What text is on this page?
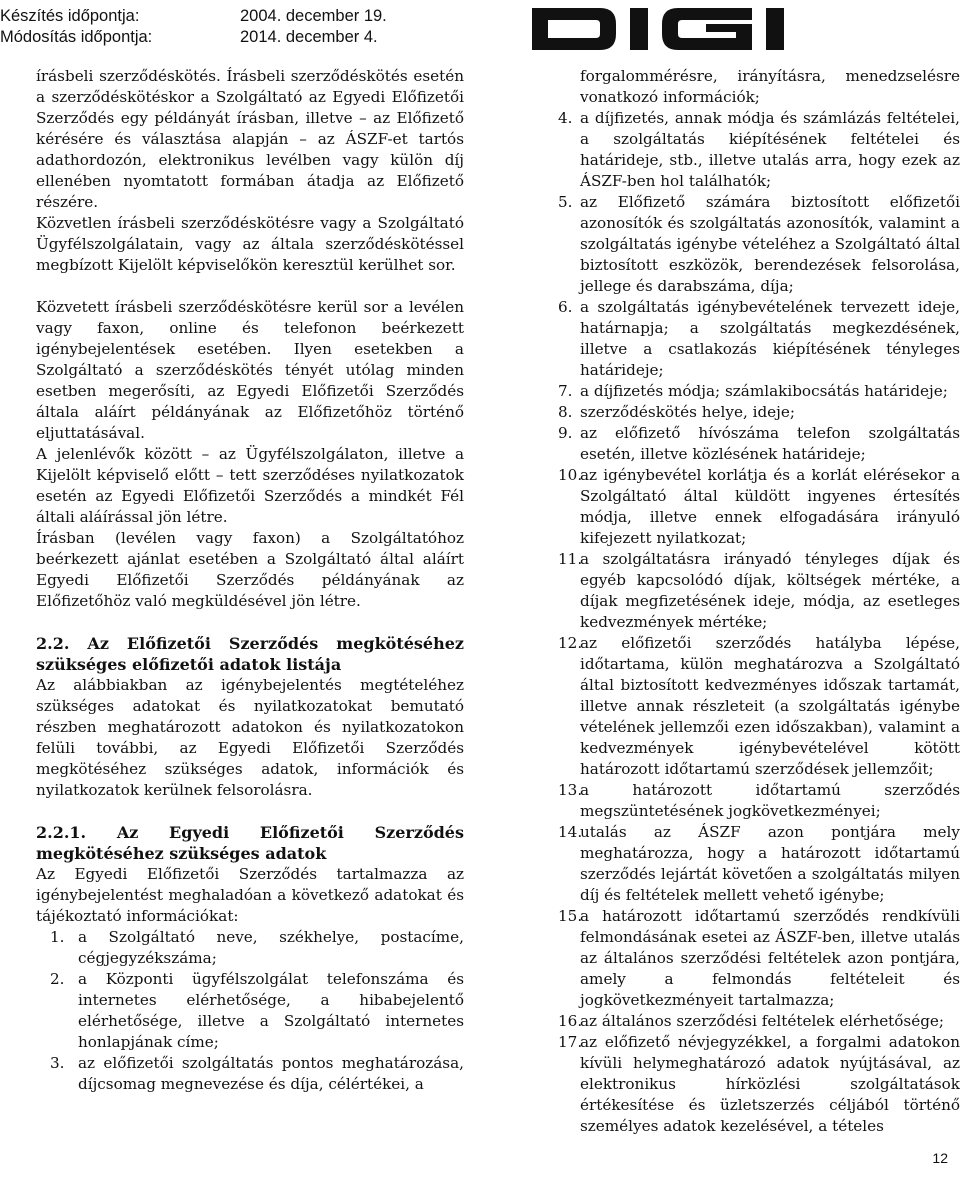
Készítés időpontja:	2004. december 19.
Módosítás időpontja:	2014. december 4.

írásbeli szerződéskötés. Írásbeli szerződéskötés esetén a szerződéskötéskor a Szolgáltató az Egyedi Előfizetői Szerződés egy példányát írásban, illetve – az Előfizető kérésére és választása alapján – az ÁSZF-et tartós adathordozón, elektronikus levélben vagy külön díj ellenében nyomtatott formában átadja az Előfizető részére.

Közvetlen írásbeli szerződéskötésre vagy a Szolgáltató Ügyfélszolgálatain, vagy az általa szerződéskötéssel megbízott Kijelölt képviselőkön keresztül kerülhet sor.

Közvetett írásbeli szerződéskötésre kerül sor a levélen vagy faxon, online és telefonon beérkezett igénybejelentések esetében. Ilyen esetekben a Szolgáltató a szerződéskötés tényét utólag minden esetben megerősíti, az Egyedi Előfizetői Szerződés általa aláírt példányának az Előfizetőhöz történő eljuttatásával.

A jelenlévők között – az Ügyfélszolgálaton, illetve a Kijelölt képviselő előtt – tett szerződéses nyilatkozatok esetén az Egyedi Előfizetői Szerződés a mindkét Fél általi aláírással jön létre.

Írásban (levélen vagy faxon) a Szolgáltatóhoz beérkezett ajánlat esetében a Szolgáltató által aláírt Egyedi Előfizetői Szerződés példányának az Előfizetőhöz való megküldésével jön létre.

2.2. Az Előfizetői Szerződés megkötéséhez
szükséges előfizetői adatok listája

Az alábbiakban az igénybejelentés megtételéhez szükséges adatokat és nyilatkozatokat bemutató részben meghatározott adatokon és nyilatkozatokon felüli további, az Egyedi Előfizetői Szerződés megkötéséhez szükséges adatok, információk és nyilatkozatok kerülnek felsorolásra.

2.2.1. Az Egyedi Előfizetői Szerződés
megkötéséhez szükséges adatok

Az Egyedi Előfizetői Szerződés tartalmazza az igénybejelentést meghaladóan a következő adatokat és tájékoztató információkat:

1. a Szolgáltató neve, székhelye, postacíme, cégjegyzékszáma;
2. a Központi ügyfélszolgálat telefonszáma és internetes elérhetősége, a hibabejelentő elérhetősége, illetve a Szolgáltató internetes honlapjának címe;
3. az előfizetői szolgáltatás pontos meghatározása, díjcsomag megnevezése és díja, célértékei, a
forgalommérésre, irányításra, menedzselésre vonatkozó információk;
4. a díjfizetés, annak módja és számlázás feltételei, a szolgáltatás kiépítésének feltételei és határideje, stb., illetve utalás arra, hogy ezek az ÁSZF-ben hol találhatók;
5. az Előfizető számára biztosított előfizetői azonosítók és szolgáltatás azonosítók, valamint a szolgáltatás igénybe vételéhez a Szolgáltató által biztosított eszközök, berendezések felsorolása, jellege és darabszáma, díja;
6. a szolgáltatás igénybevételének tervezett ideje, határnapja; a szolgáltatás megkezdésének, illetve a csatlakozás kiépítésének tényleges határideje;
7. a díjfizetés módja; számlakibocsátás határideje;
8. szerződéskötés helye, ideje;
9. az előfizető hívószáma telefon szolgáltatás esetén, illetve közlésének határideje;
10.
az igénybevétel korlátja és a korlát elérésekor a Szolgáltató által küldött ingyenes értesítés módja, illetve ennek elfogadására irányuló kifejezett nyilatkozat;
11.
a szolgáltatásra irányadó tényleges díjak és egyéb kapcsolódó díjak, költségek mértéke, a díjak megfizetésének ideje, módja, az esetleges kedvezmények mértéke;
12.
az előfizetői szerződés hatályba lépése, időtartama, külön meghatározva a Szolgáltató által biztosított kedvezményes időszak tartamát, illetve annak részleteit (a szolgáltatás igénybe vételének jellemzői ezen időszakban), valamint a kedvezmények igénybevételével kötött határozott időtartamú szerződések jellemzőit;
13.
a határozott időtartamú szerződés megszüntetésének jogkövetkezményei;
14.
utalás az ÁSZF azon pontjára mely meghatározza, hogy a határozott időtartamú szerződés lejártát követően a szolgáltatás milyen díj és feltételek mellett vehető igénybe;
15.
a határozott időtartamú szerződés rendkívüli felmondásának esetei az ÁSZF-ben, illetve utalás az általános szerződési feltételek azon pontjára, amely a felmondás feltételeit és jogkövetkezményeit tartalmazza;
16.
az általános szerződési feltételek elérhetősége;
17.
az előfizető névjegyzékkel, a forgalmi adatokon kívüli helymeghatározó adatok nyújtásával, az elektronikus hírközlési szolgáltatások értékesítése és üzletszerzés céljából történő személyes adatok kezelésével, a tételes
12
